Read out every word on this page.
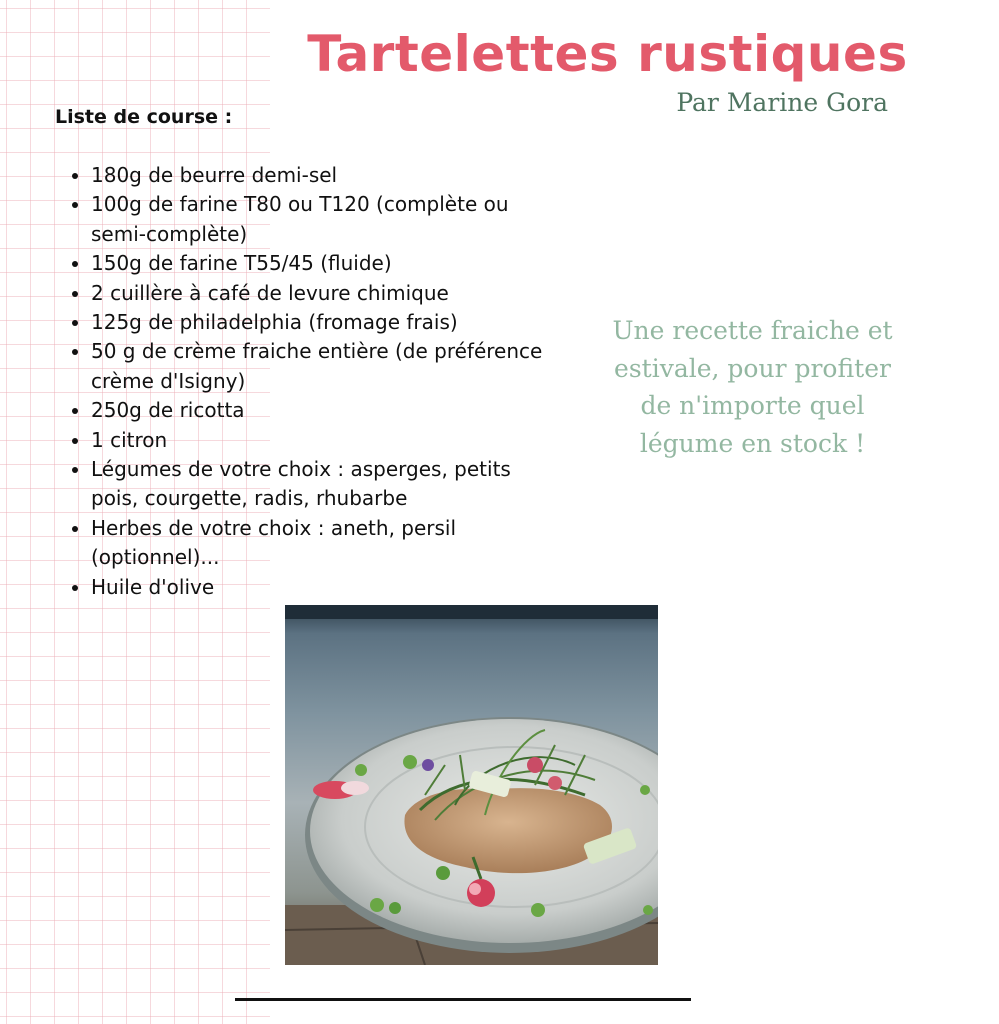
Tartelettes rustiques

Par Marine Gora

Liste de course :

• 180g de beurre demi-sel
• 100g de farine T80 ou T120 (complète ou semi-complète)
• 150g de farine T55/45 (fluide)
• 2 cuillère à café de levure chimique
• 125g de philadelphia (fromage frais)
• 50 g de crème fraiche entière (de préférence crème d'Isigny)
• 250g de ricotta
• 1 citron
• Légumes de votre choix : asperges, petits pois, courgette, radis, rhubarbe
• Herbes de votre choix : aneth, persil (optionnel)...
• Huile d'olive

Une recette fraiche et estivale, pour profiter de n'importe quel légume en stock !
